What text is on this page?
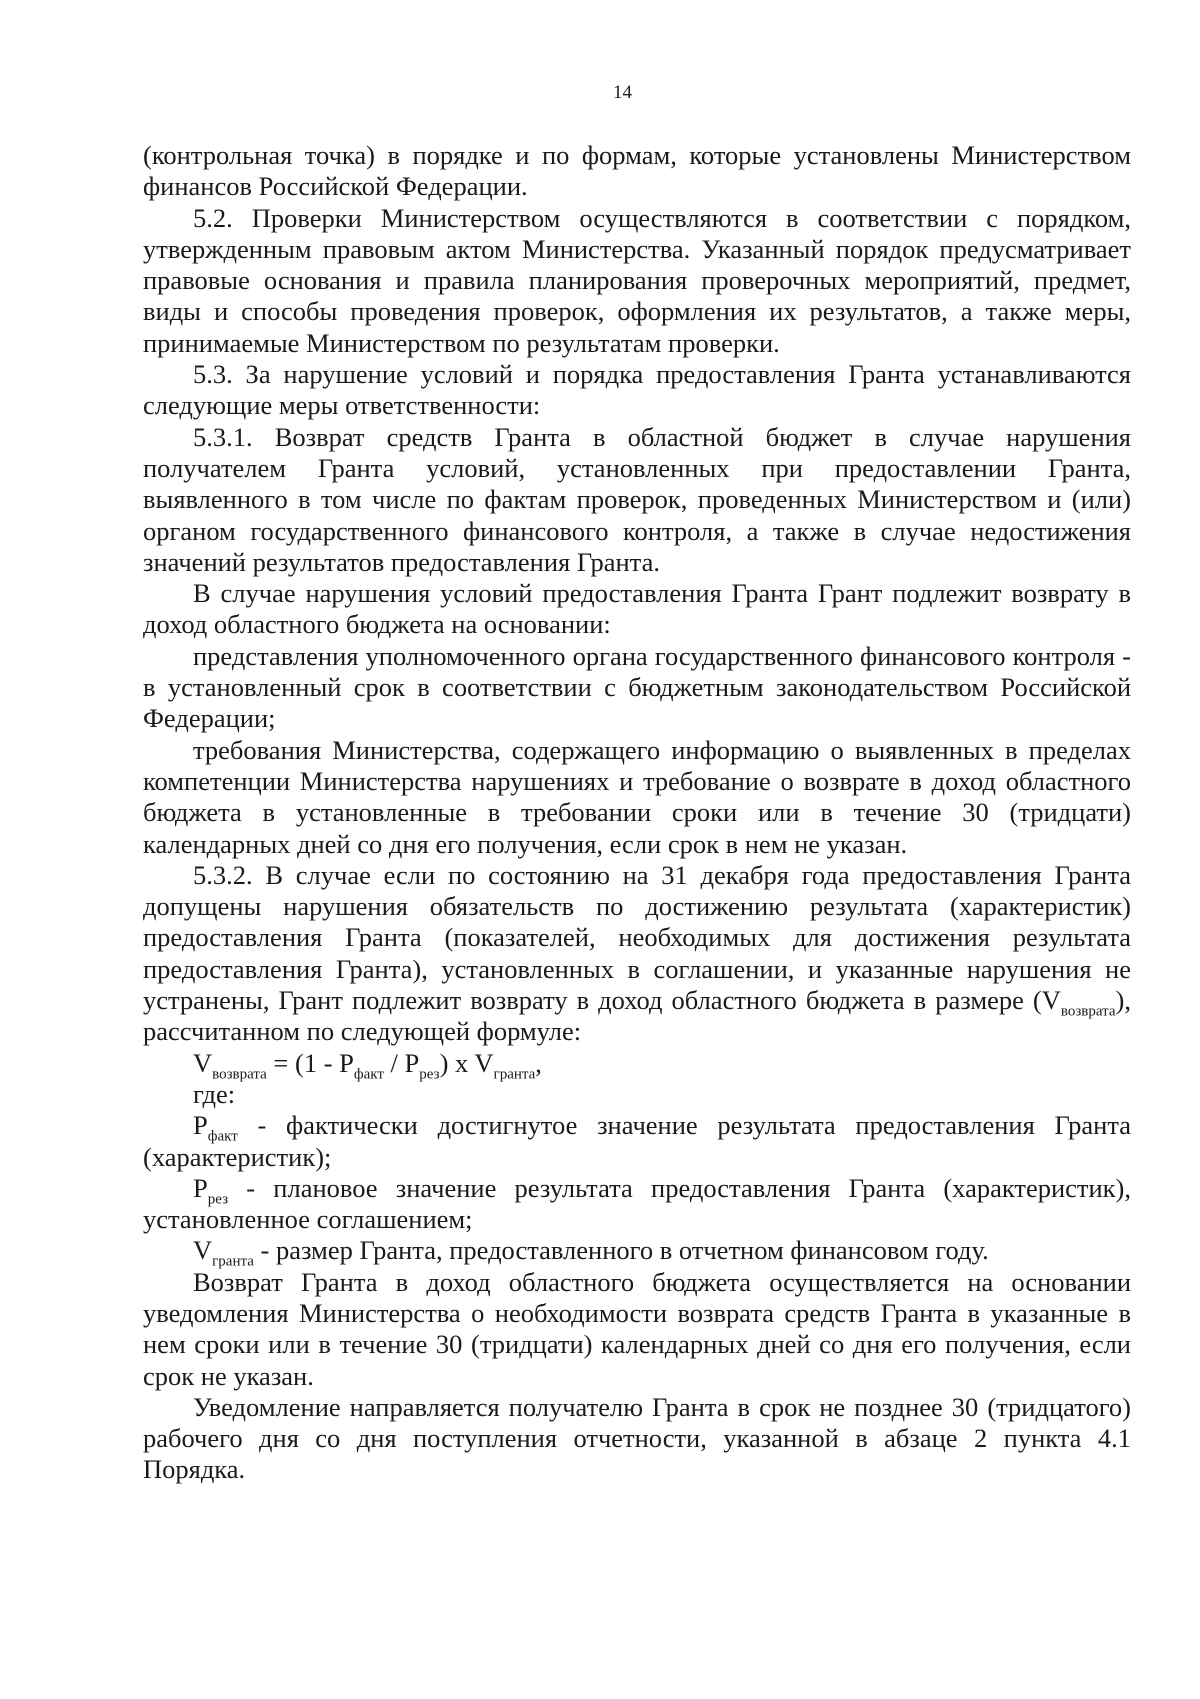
14

(контрольная точка) в порядке и по формам, которые установлены Министерством финансов Российской Федерации.

5.2. Проверки Министерством осуществляются в соответствии с порядком, утвержденным правовым актом Министерства. Указанный порядок предусматривает правовые основания и правила планирования проверочных мероприятий, предмет, виды и способы проведения проверок, оформления их результатов, а также меры, принимаемые Министерством по результатам проверки.

5.3. За нарушение условий и порядка предоставления Гранта устанавливаются следующие меры ответственности:

5.3.1. Возврат средств Гранта в областной бюджет в случае нарушения получателем Гранта условий, установленных при предоставлении Гранта, выявленного в том числе по фактам проверок, проведенных Министерством и (или) органом государственного финансового контроля, а также в случае недостижения значений результатов предоставления Гранта.

В случае нарушения условий предоставления Гранта Грант подлежит возврату в доход областного бюджета на основании:

представления уполномоченного органа государственного финансового контроля - в установленный срок в соответствии с бюджетным законодательством Российской Федерации;

требования Министерства, содержащего информацию о выявленных в пределах компетенции Министерства нарушениях и требование о возврате в доход областного бюджета в установленные в требовании сроки или в течение 30 (тридцати) календарных дней со дня его получения, если срок в нем не указан.

5.3.2. В случае если по состоянию на 31 декабря года предоставления Гранта допущены нарушения обязательств по достижению результата (характеристик) предоставления Гранта (показателей, необходимых для достижения результата предоставления Гранта), установленных в соглашении, и указанные нарушения не устранены, Грант подлежит возврату в доход областного бюджета в размере $(V_{возврата})$, рассчитанном по следующей формуле:

$V_{возврата} = (1 - P_{факт} / P_{рез})$ x $V_{гранта}$,

где:

$P_{факт}$ - фактически достигнутое значение результата предоставления Гранта (характеристик);

$P_{рез}$ - плановое значение результата предоставления Гранта (характеристик), установленное соглашением;

$V_{гранта}$ - размер Гранта, предоставленного в отчетном финансовом году.

Возврат Гранта в доход областного бюджета осуществляется на основании уведомления Министерства о необходимости возврата средств Гранта в указанные в нем сроки или в течение 30 (тридцати) календарных дней со дня его получения, если срок не указан.

Уведомление направляется получателю Гранта в срок не позднее 30 (тридцатого) рабочего дня со дня поступления отчетности, указанной в абзаце 2 пункта 4.1 Порядка.
